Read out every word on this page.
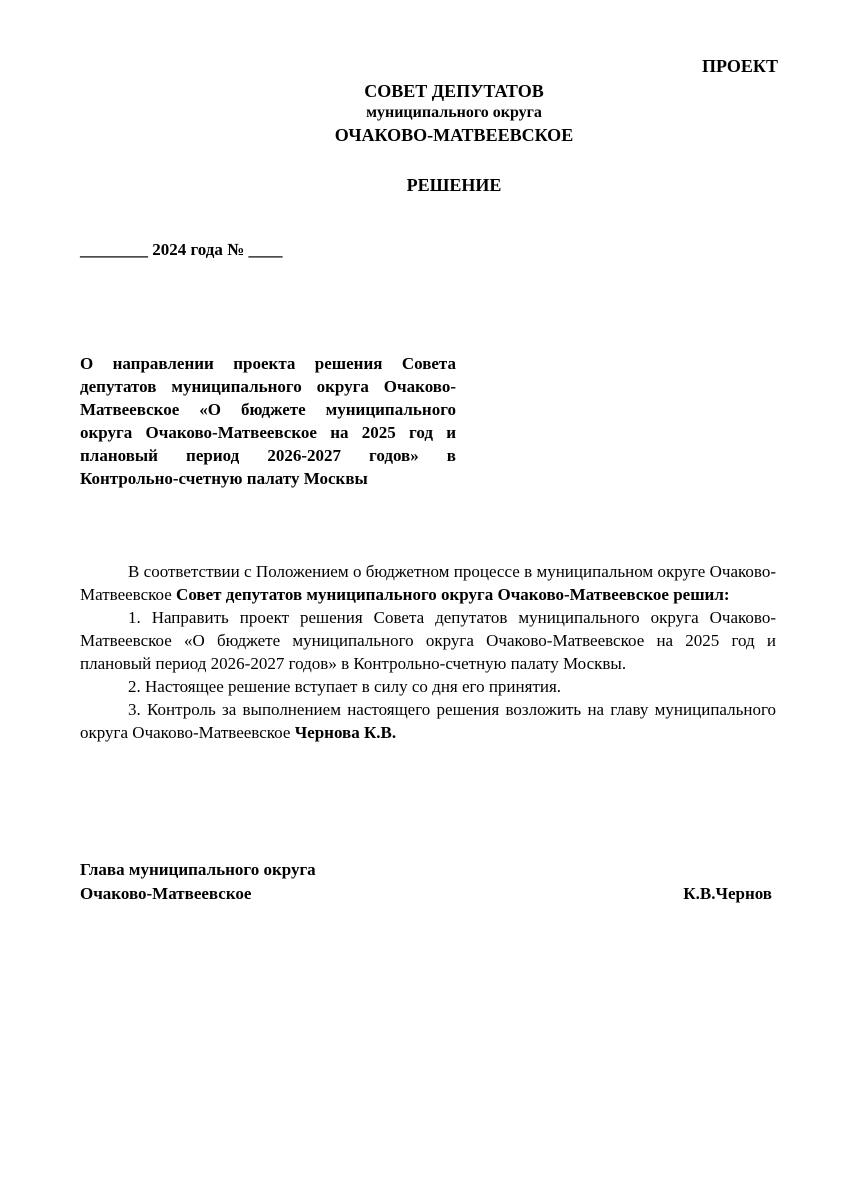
ПРОЕКТ
СОВЕТ ДЕПУТАТОВ
муниципального округа
ОЧАКОВО-МАТВЕЕВСКОЕ
РЕШЕНИЕ
________ 2024 года № ____
О направлении проекта решения Совета депутатов муниципального округа Очаково-Матвеевское «О бюджете муниципального округа Очаково-Матвеевское на 2025 год и плановый период 2026-2027 годов» в Контрольно-счетную палату Москвы

В соответствии с Положением о бюджетном процессе в муниципальном округе Очаково-Матвеевское Совет депутатов муниципального округа Очаково-Матвеевское решил:

1. Направить проект решения Совета депутатов муниципального округа Очаково-Матвеевское «О бюджете муниципального округа Очаково-Матвеевское на 2025 год и плановый период 2026-2027 годов» в Контрольно-счетную палату Москвы.

2. Настоящее решение вступает в силу со дня его принятия.

3. Контроль за выполнением настоящего решения возложить на главу муниципального округа Очаково-Матвеевское Чернова К.В.

Глава муниципального округа
Очаково-Матвеевское	К.В.Чернов
